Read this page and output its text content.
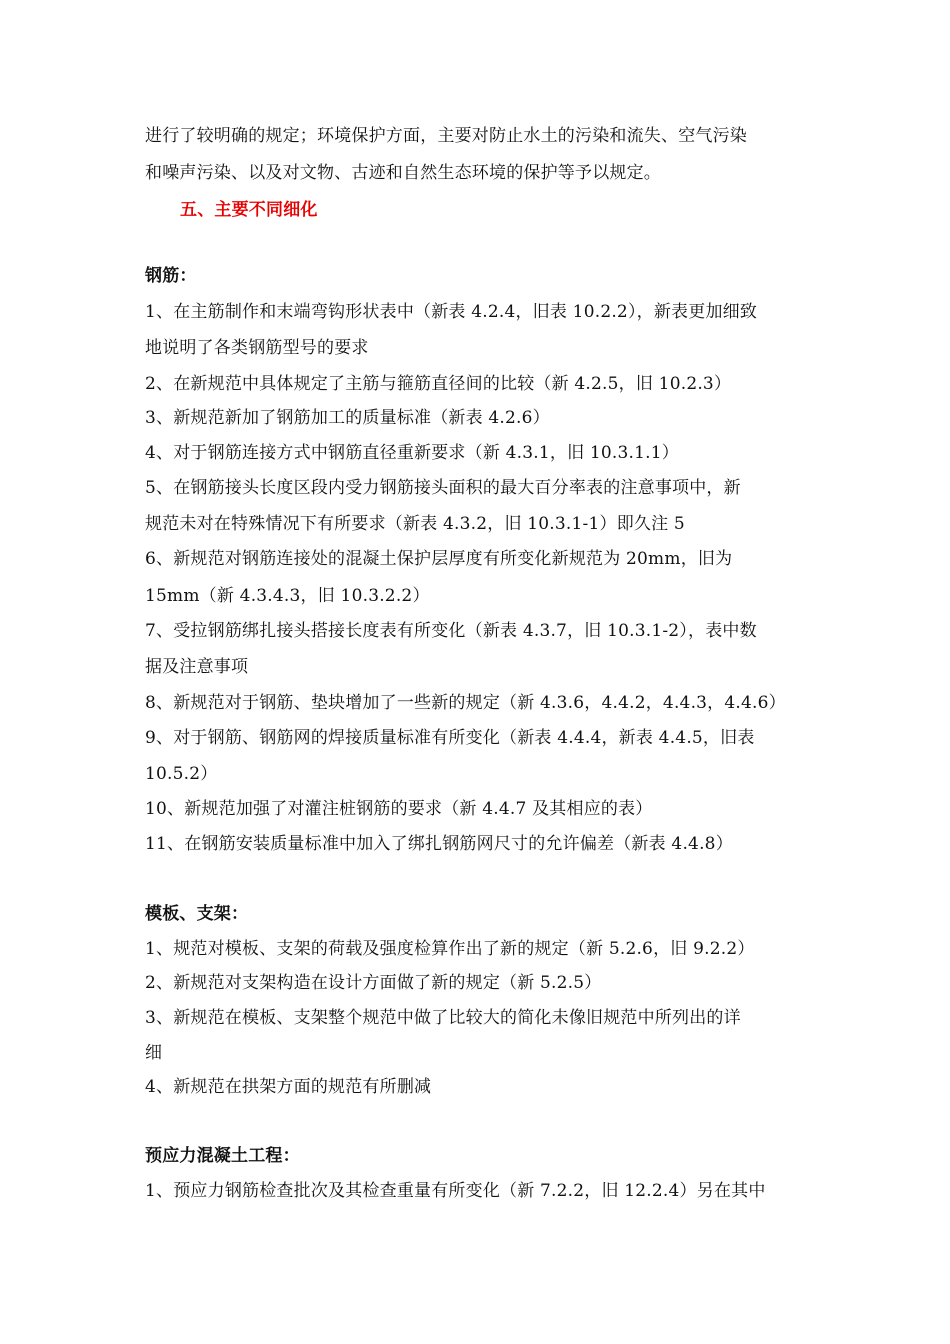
进行了较明确的规定；环境保护方面，主要对防止水土的污染和流失、空气污染
和噪声污染、以及对文物、古迹和自然生态环境的保护等予以规定。
五、主要不同细化
钢筋：
1、在主筋制作和末端弯钩形状表中（新表 4.2.4，旧表 10.2.2），新表更加细致
地说明了各类钢筋型号的要求
2、在新规范中具体规定了主筋与箍筋直径间的比较（新 4.2.5，旧 10.2.3）
3、新规范新加了钢筋加工的质量标准（新表 4.2.6）
4、对于钢筋连接方式中钢筋直径重新要求（新 4.3.1，旧 10.3.1.1）
5、在钢筋接头长度区段内受力钢筋接头面积的最大百分率表的注意事项中，新
规范未对在特殊情况下有所要求（新表 4.3.2，旧 10.3.1-1）即久注 5
6、新规范对钢筋连接处的混凝土保护层厚度有所变化新规范为 20mm，旧为
15mm（新 4.3.4.3，旧 10.3.2.2）
7、受拉钢筋绑扎接头搭接长度表有所变化（新表 4.3.7，旧 10.3.1-2），表中数
据及注意事项
8、新规范对于钢筋、垫块增加了一些新的规定（新 4.3.6，4.4.2，4.4.3，4.4.6）
9、对于钢筋、钢筋网的焊接质量标准有所变化（新表 4.4.4，新表 4.4.5，旧表
10.5.2）
10、新规范加强了对灌注桩钢筋的要求（新 4.4.7 及其相应的表）
11、在钢筋安装质量标准中加入了绑扎钢筋网尺寸的允许偏差（新表 4.4.8）
模板、支架：
1、规范对模板、支架的荷载及强度检算作出了新的规定（新 5.2.6，旧 9.2.2）
2、新规范对支架构造在设计方面做了新的规定（新 5.2.5）
3、新规范在模板、支架整个规范中做了比较大的简化未像旧规范中所列出的详
细
4、新规范在拱架方面的规范有所删减
预应力混凝土工程：
1、预应力钢筋检查批次及其检查重量有所变化（新 7.2.2，旧 12.2.4）另在其中
